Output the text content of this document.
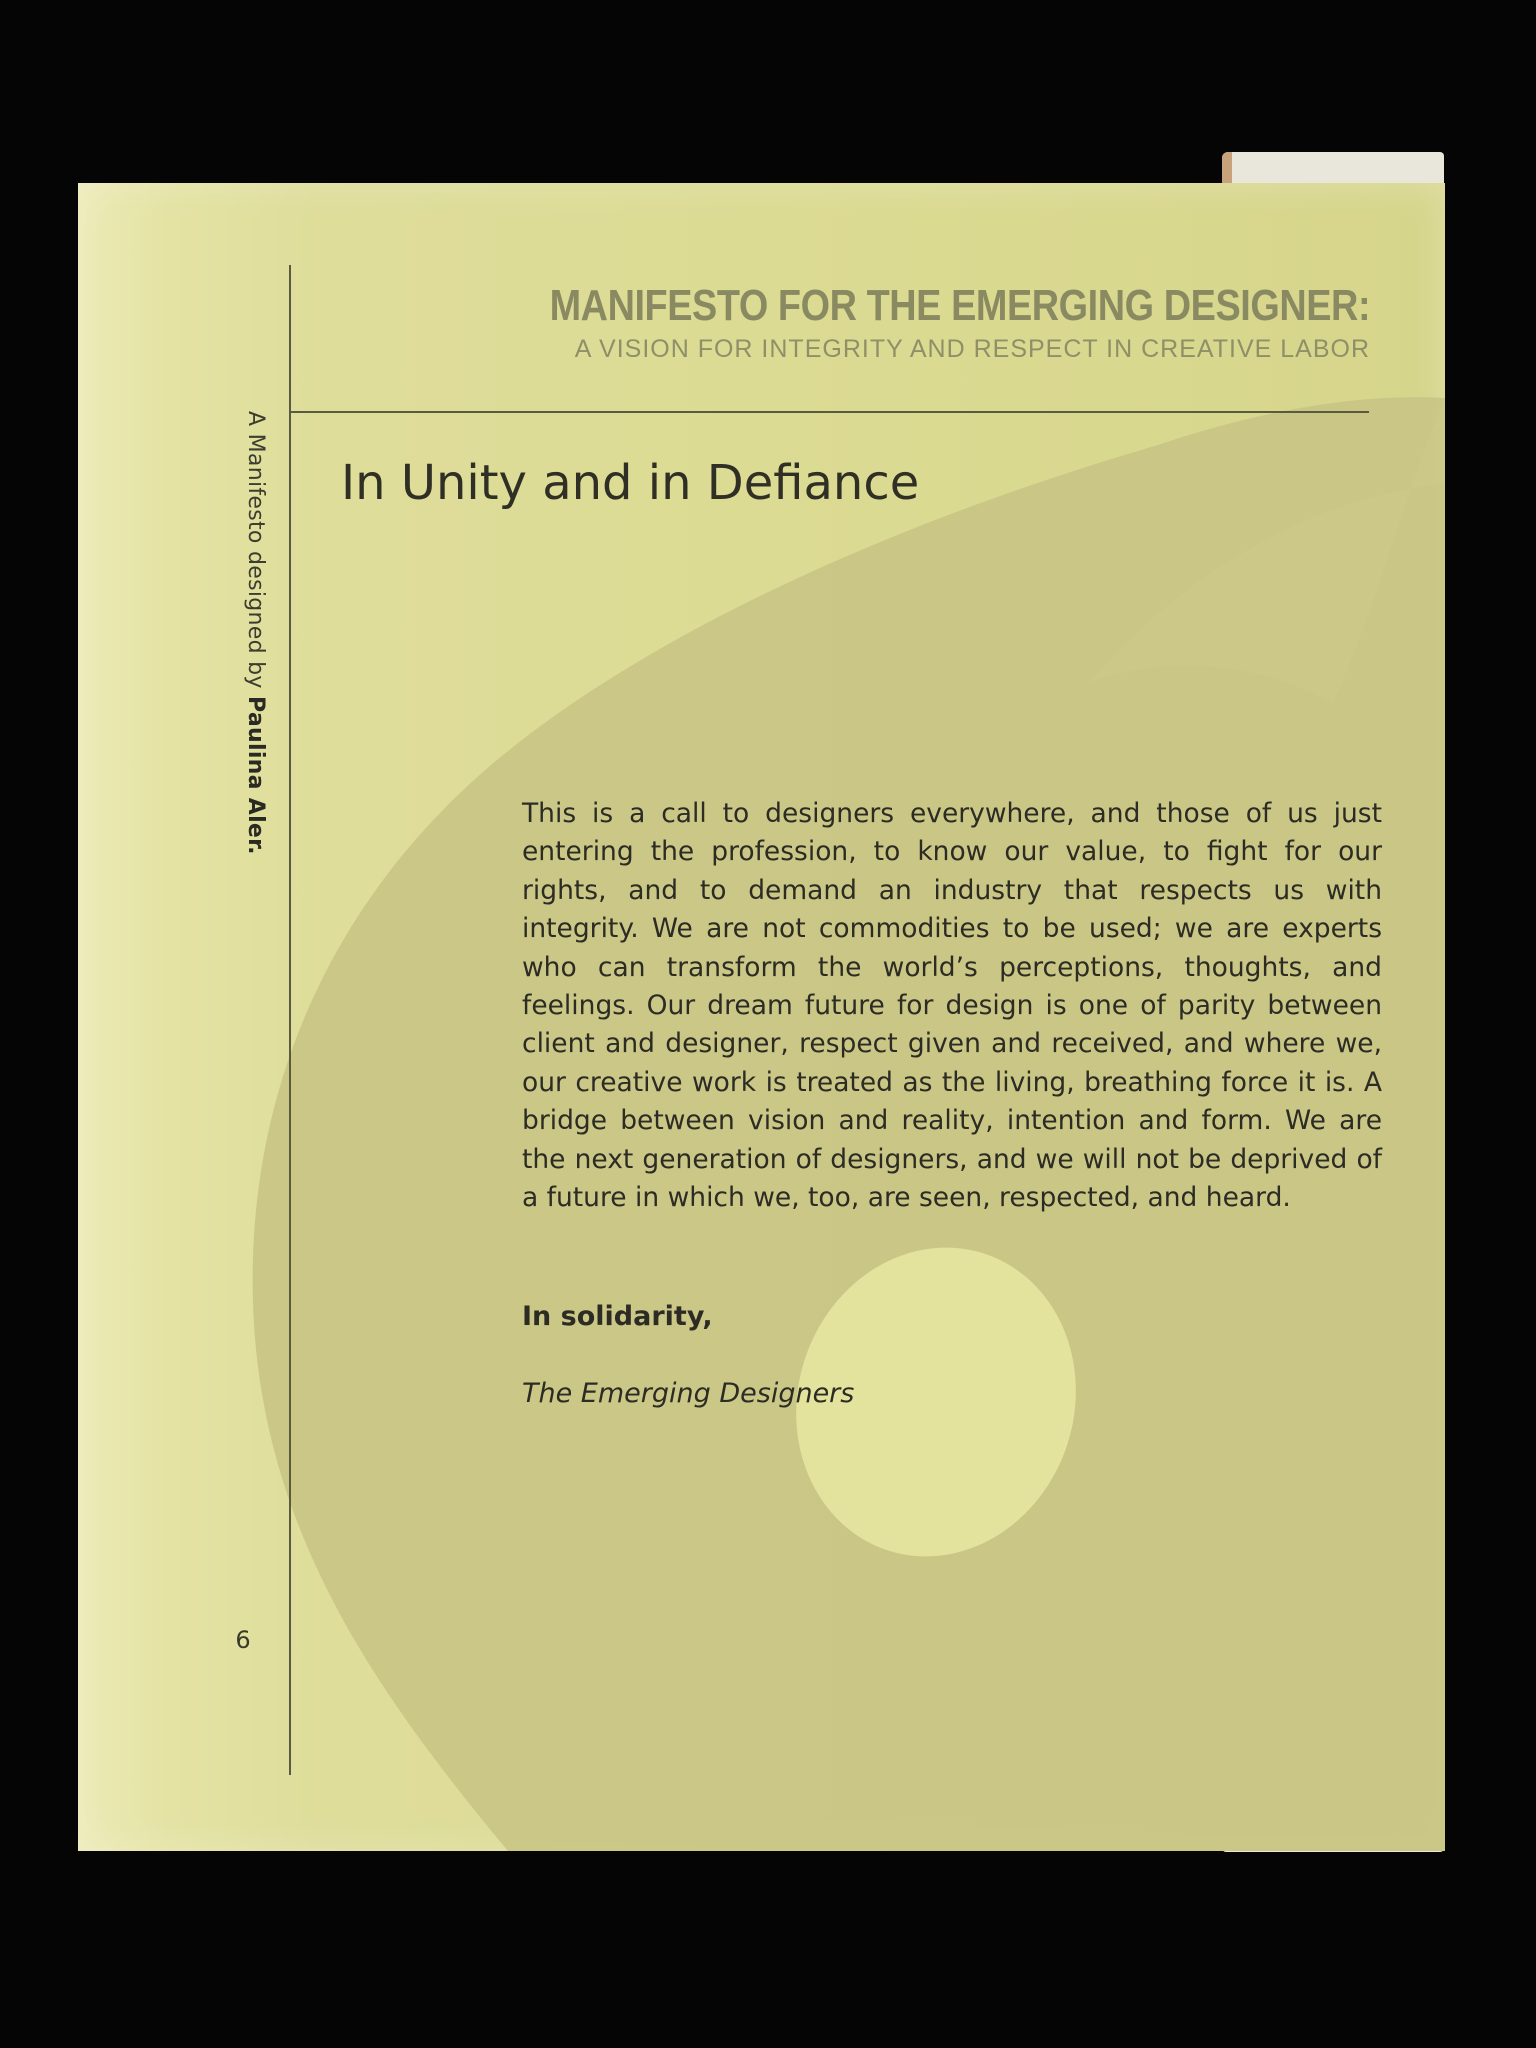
A Manifesto designed by Paulina Aler.
6
MANIFESTO FOR THE EMERGING DESIGNER:
A VISION FOR INTEGRITY AND RESPECT IN CREATIVE LABOR
In Unity and in Defiance

This is a call to designers everywhere, and those of us just entering the profession, to know our value, to fight for our rights, and to demand an industry that respects us with integrity. We are not commodities to be used; we are experts who can transform the world’s perceptions, thoughts, and feelings. Our dream future for design is one of parity between client and designer, respect given and received, and where we, our creative work is treated as the living, breathing force it is. A bridge between vision and reality, intention and form. We are the next generation of designers, and we will not be deprived of a future in which we, too, are seen, respected, and heard.

In solidarity,
The Emerging Designers
